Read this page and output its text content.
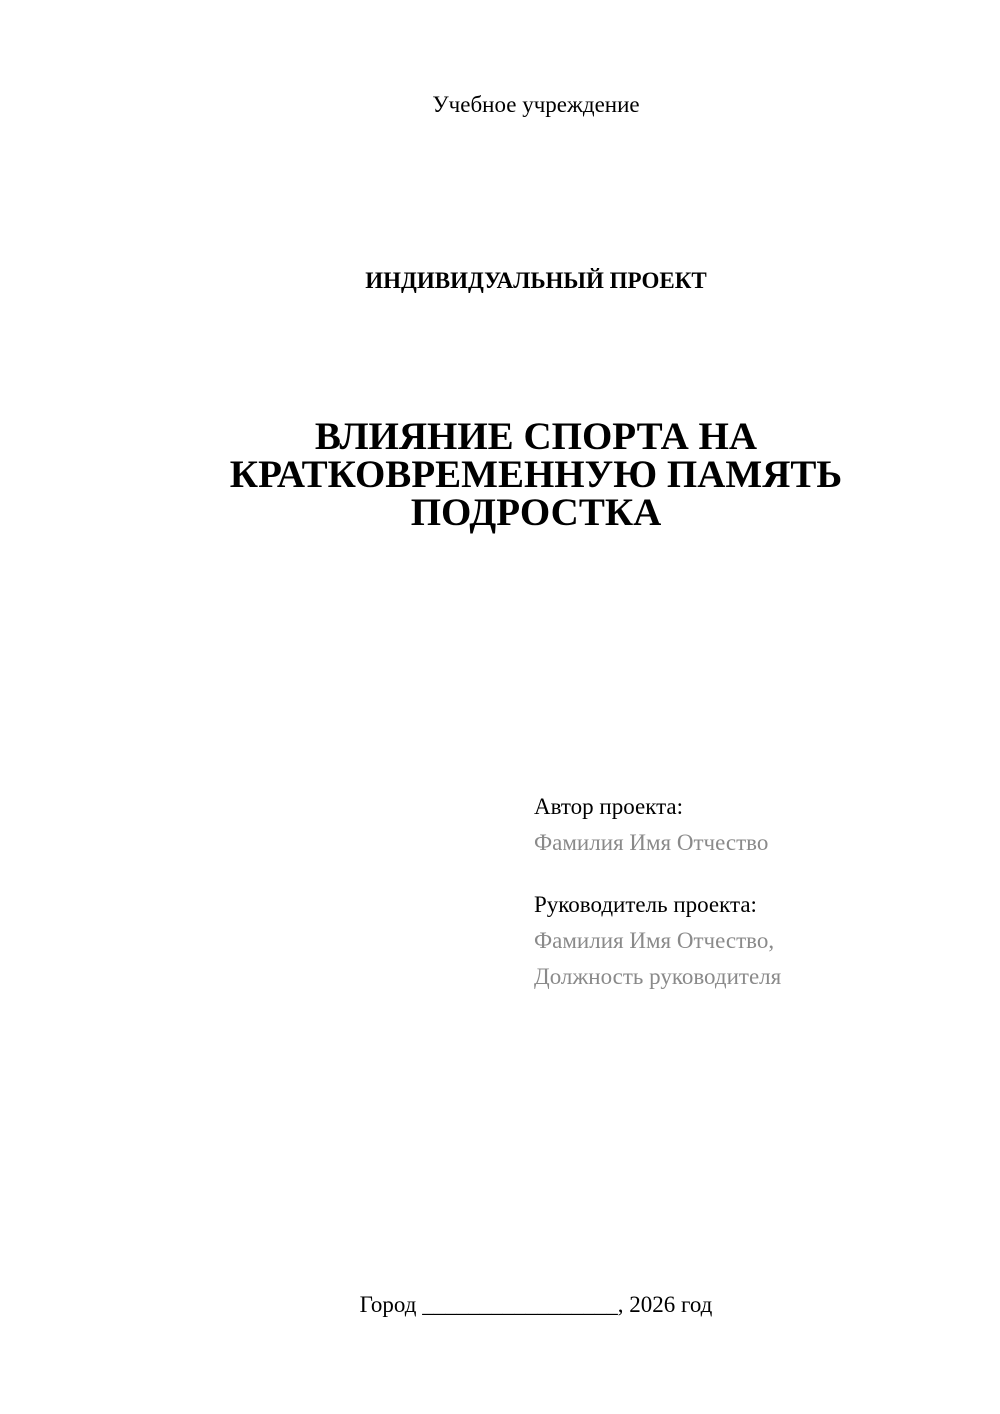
Учебное учреждение
ИНДИВИДУАЛЬНЫЙ ПРОЕКТ
ВЛИЯНИЕ СПОРТА НА
КРАТКОВРЕМЕННУЮ ПАМЯТЬ
ПОДРОСТКА
Автор проекта:
Фамилия Имя Отчество
Руководитель проекта:
Фамилия Имя Отчество,
Должность руководителя
Город _________________, 2026 год
